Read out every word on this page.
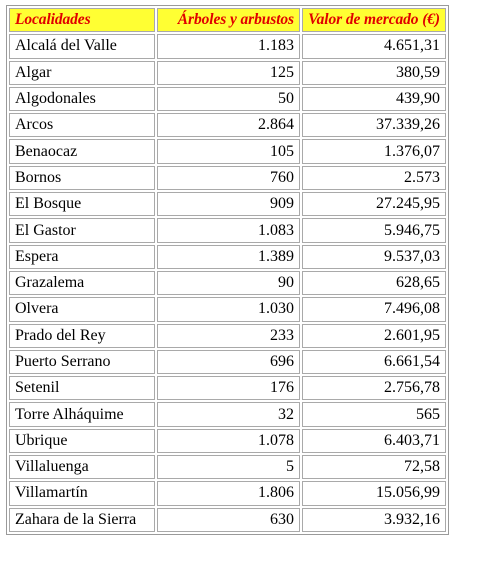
Localidades	Árboles y arbustos	Valor de mercado (€)
Alcalá del Valle	1.183	4.651,31
Algar	125	380,59
Algodonales	50	439,90
Arcos	2.864	37.339,26
Benaocaz	105	1.376,07
Bornos	760	2.573
El Bosque	909	27.245,95
El Gastor	1.083	5.946,75
Espera	1.389	9.537,03
Grazalema	90	628,65
Olvera	1.030	7.496,08
Prado del Rey	233	2.601,95
Puerto Serrano	696	6.661,54
Setenil	176	2.756,78
Torre Alháquime	32	565
Ubrique	1.078	6.403,71
Villaluenga	5	72,58
Villamartín	1.806	15.056,99
Zahara de la Sierra	630	3.932,16
